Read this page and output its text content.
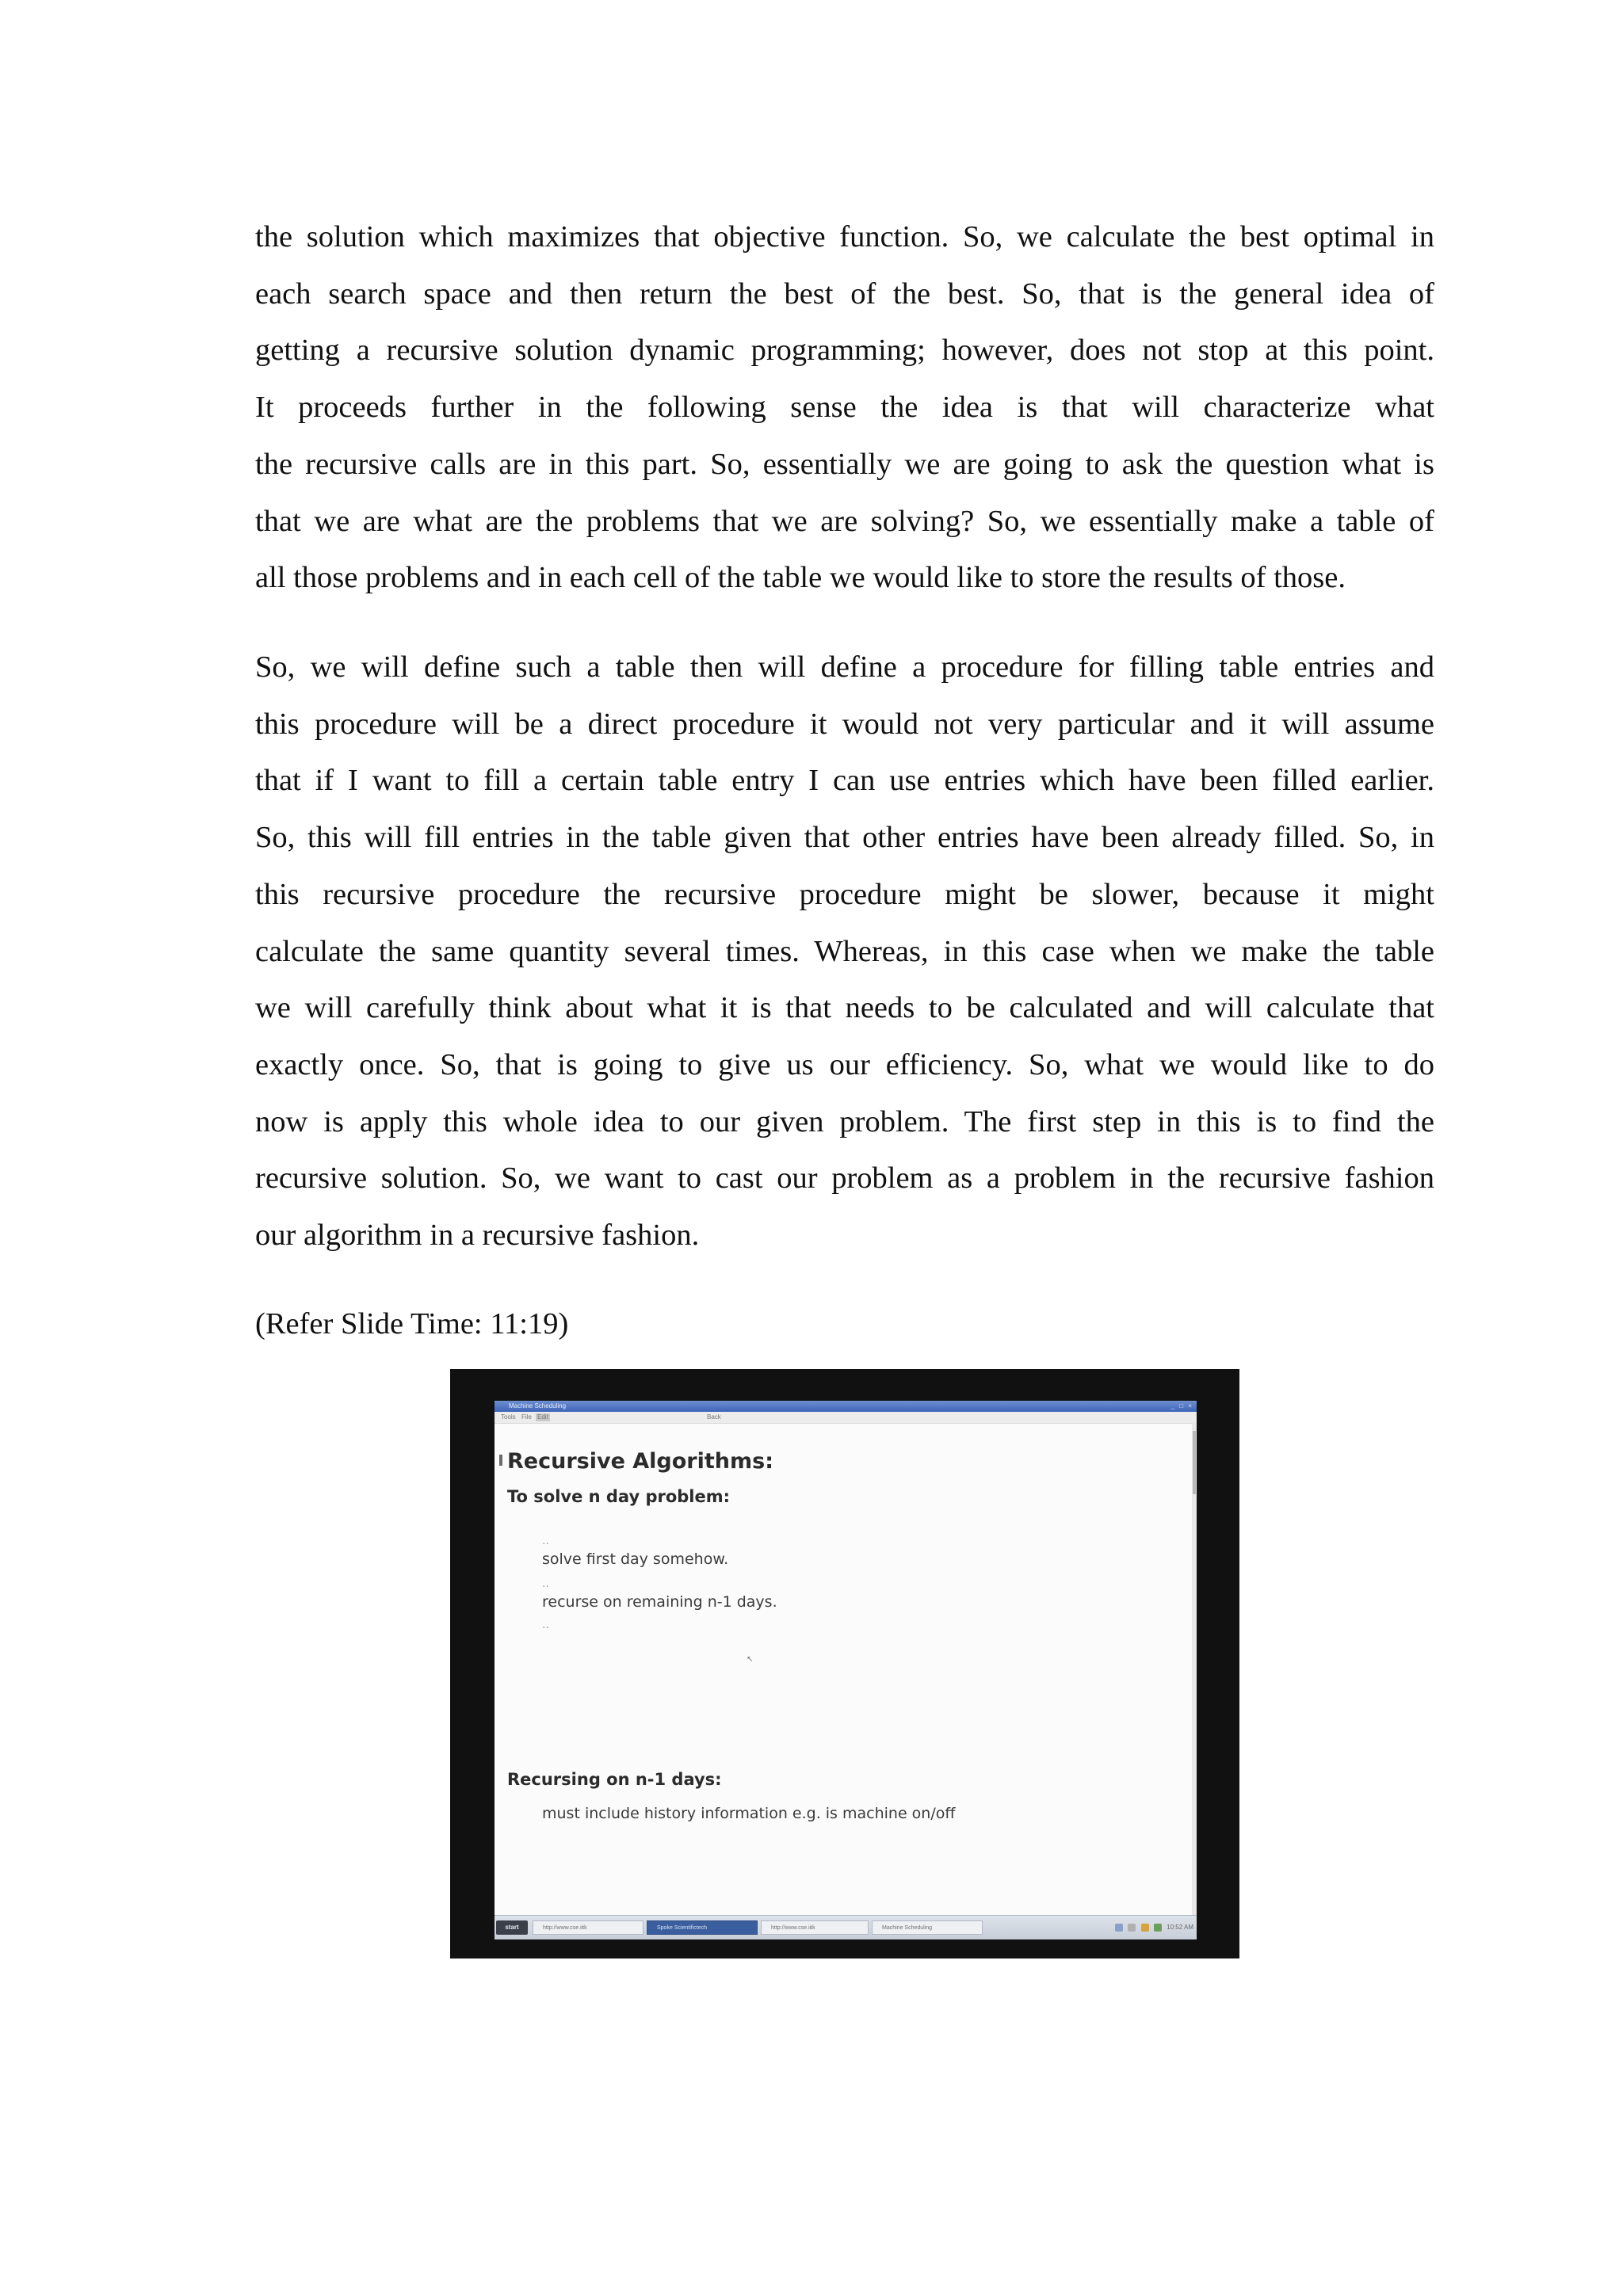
the solution which maximizes that objective function. So, we calculate the best optimal in
each search space and then return the best of the best. So, that is the general idea of
getting a recursive solution dynamic programming; however, does not stop at this point.
It proceeds further in the following sense the idea is that will characterize what
the recursive calls are in this part. So, essentially we are going to ask the question what is
that we are what are the problems that we are solving? So, we essentially make a table of
all those problems and in each cell of the table we would like to store the results of those.
So, we will define such a table then will define a procedure for filling table entries and
this procedure will be a direct procedure it would not very particular and it will assume
that if I want to fill a certain table entry I can use entries which have been filled earlier.
So, this will fill entries in the table given that other entries have been already filled. So, in
this recursive procedure the recursive procedure might be slower, because it might
calculate the same quantity several times. Whereas, in this case when we make the table
we will carefully think about what it is that needs to be calculated and will calculate that
exactly once. So, that is going to give us our efficiency. So, what we would like to do
now is apply this whole idea to our given problem. The first step in this is to find the
recursive solution. So, we want to cast our problem as a problem in the recursive fashion
our algorithm in a recursive fashion.
(Refer Slide Time: 11:19)
Machine Scheduling	_ □ ×
Tools File Edit	Back
Recursive Algorithms:
To solve n day problem:
..
solve first day somehow.
..
recurse on remaining n-1 days.
↖
..
Recursing on n-1 days:
must include history information e.g. is machine on/off
start	http://www.cse.iitk	Spoke Scientifictech	http://www.cse.iitk	Machine Scheduling	10:52 AM
